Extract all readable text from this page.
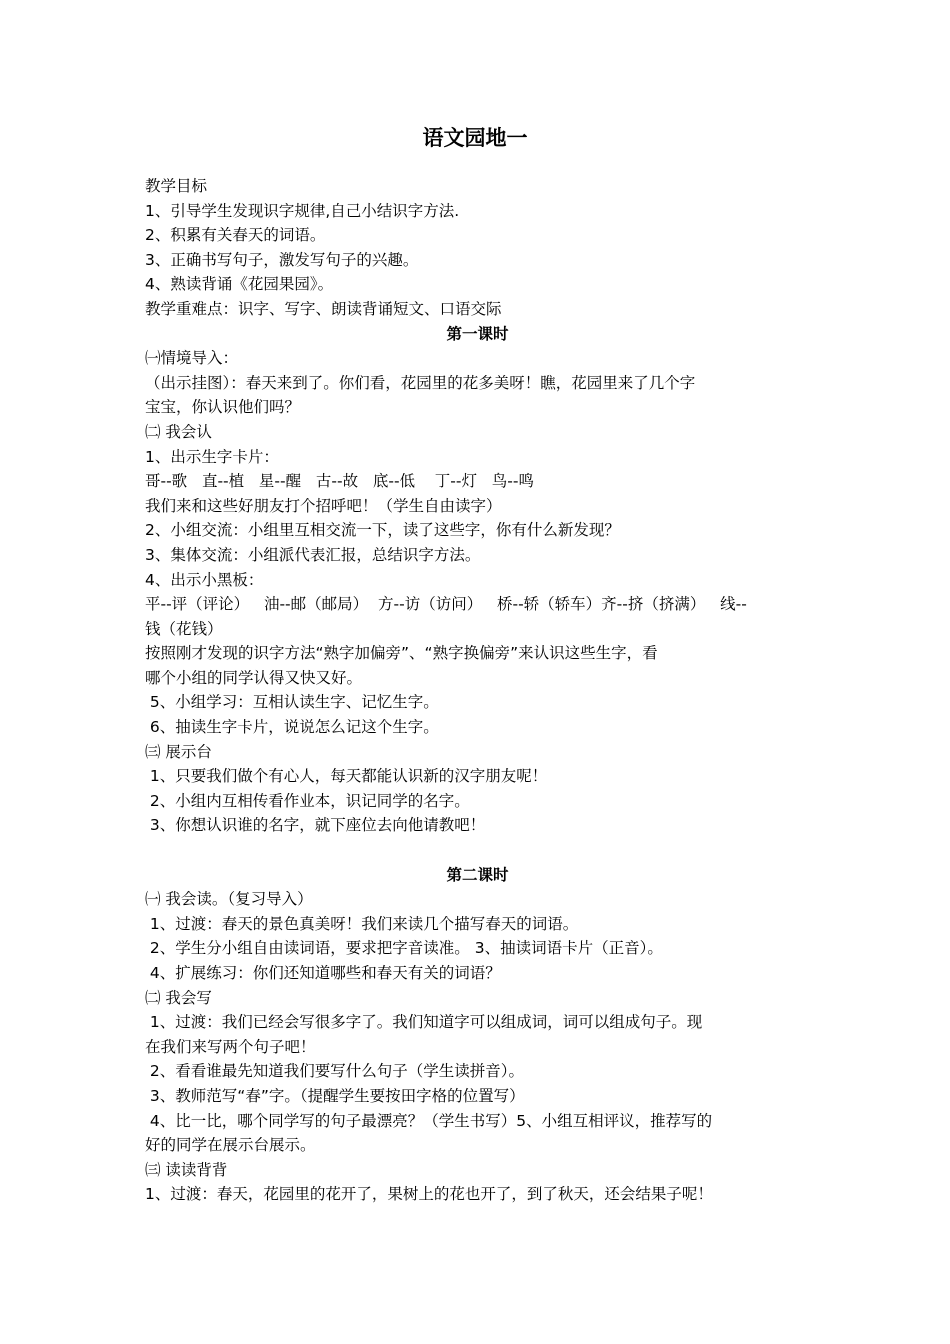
语文园地一
教学目标
1、引导学生发现识字规律,自己小结识字方法.
2、积累有关春天的词语。
3、正确书写句子，激发写句子的兴趣。
4、熟读背诵《花园果园》。
教学重难点：识字、写字、朗读背诵短文、口语交际
第一课时
㈠情境导入：
（出示挂图）：春天来到了。你们看，花园里的花多美呀！瞧，花园里来了几个字
宝宝，你认识他们吗？
㈡ 我会认
1、出示生字卡片：
哥--歌   直--植   星--醒   古--故   底--低    丁--灯   鸟--鸣
我们来和这些好朋友打个招呼吧！（学生自由读字）
2、小组交流：小组里互相交流一下，读了这些字，你有什么新发现？
3、集体交流：小组派代表汇报，总结识字方法。
4、出示小黑板：
平--评（评论）   油--邮（邮局）  方--访（访问）   桥--轿（轿车）齐--挤（挤满）   线--
钱（花钱）
按照刚才发现的识字方法“熟字加偏旁”、“熟字换偏旁”来认识这些生字，看
哪个小组的同学认得又快又好。
5、小组学习：互相认读生字、记忆生字。
6、抽读生字卡片，说说怎么记这个生字。
㈢ 展示台
1、只要我们做个有心人，每天都能认识新的汉字朋友呢！
2、小组内互相传看作业本，识记同学的名字。
3、你想认识谁的名字，就下座位去向他请教吧！
第二课时
㈠ 我会读。（复习导入）
1、过渡：春天的景色真美呀！我们来读几个描写春天的词语。
2、学生分小组自由读词语，要求把字音读准。 3、抽读词语卡片（正音）。
4、扩展练习：你们还知道哪些和春天有关的词语？
㈡ 我会写
1、过渡：我们已经会写很多字了。我们知道字可以组成词，词可以组成句子。现
在我们来写两个句子吧！
2、看看谁最先知道我们要写什么句子（学生读拼音）。
3、教师范写“春”字。（提醒学生要按田字格的位置写）
4、比一比，哪个同学写的句子最漂亮？（学生书写）5、小组互相评议，推荐写的
好的同学在展示台展示。
㈢ 读读背背
1、过渡：春天，花园里的花开了，果树上的花也开了，到了秋天，还会结果子呢！
